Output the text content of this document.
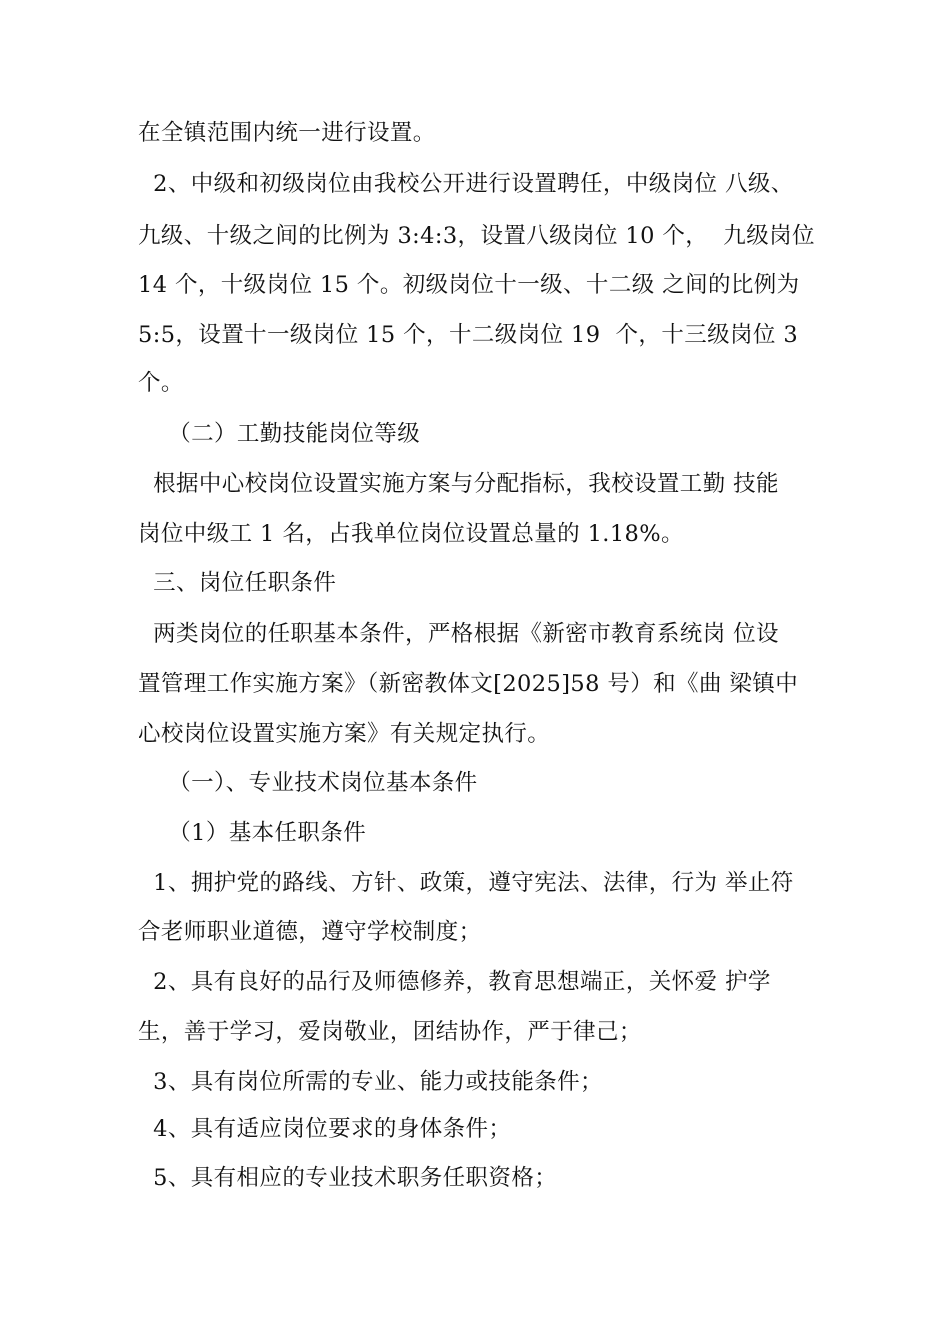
在全镇范围内统一进行设置。
2、中级和初级岗位由我校公开进行设置聘任，中级岗位 八级、
九级、十级之间的比例为 3:4:3，设置八级岗位 10 个，  九级岗位
14 个，十级岗位 15 个。初级岗位十一级、十二级 之间的比例为
5:5，设置十一级岗位 15 个，十二级岗位 19  个，十三级岗位 3
个。
（二）工勤技能岗位等级
根据中心校岗位设置实施方案与分配指标，我校设置工勤 技能
岗位中级工 1 名，占我单位岗位设置总量的 1.18%。
三、岗位任职条件
两类岗位的任职基本条件，严格根据《新密市教育系统岗 位设
置管理工作实施方案》（新密教体文[2025]58 号）和《曲 梁镇中
心校岗位设置实施方案》有关规定执行。
（一）、专业技术岗位基本条件
（1）基本任职条件
1、拥护党的路线、方针、政策，遵守宪法、法律，行为 举止符
合老师职业道德，遵守学校制度；
2、具有良好的品行及师德修养，教育思想端正，关怀爱 护学
生，善于学习，爱岗敬业，团结协作，严于律己；
3、具有岗位所需的专业、能力或技能条件；
4、具有适应岗位要求的身体条件；
5、具有相应的专业技术职务任职资格；
